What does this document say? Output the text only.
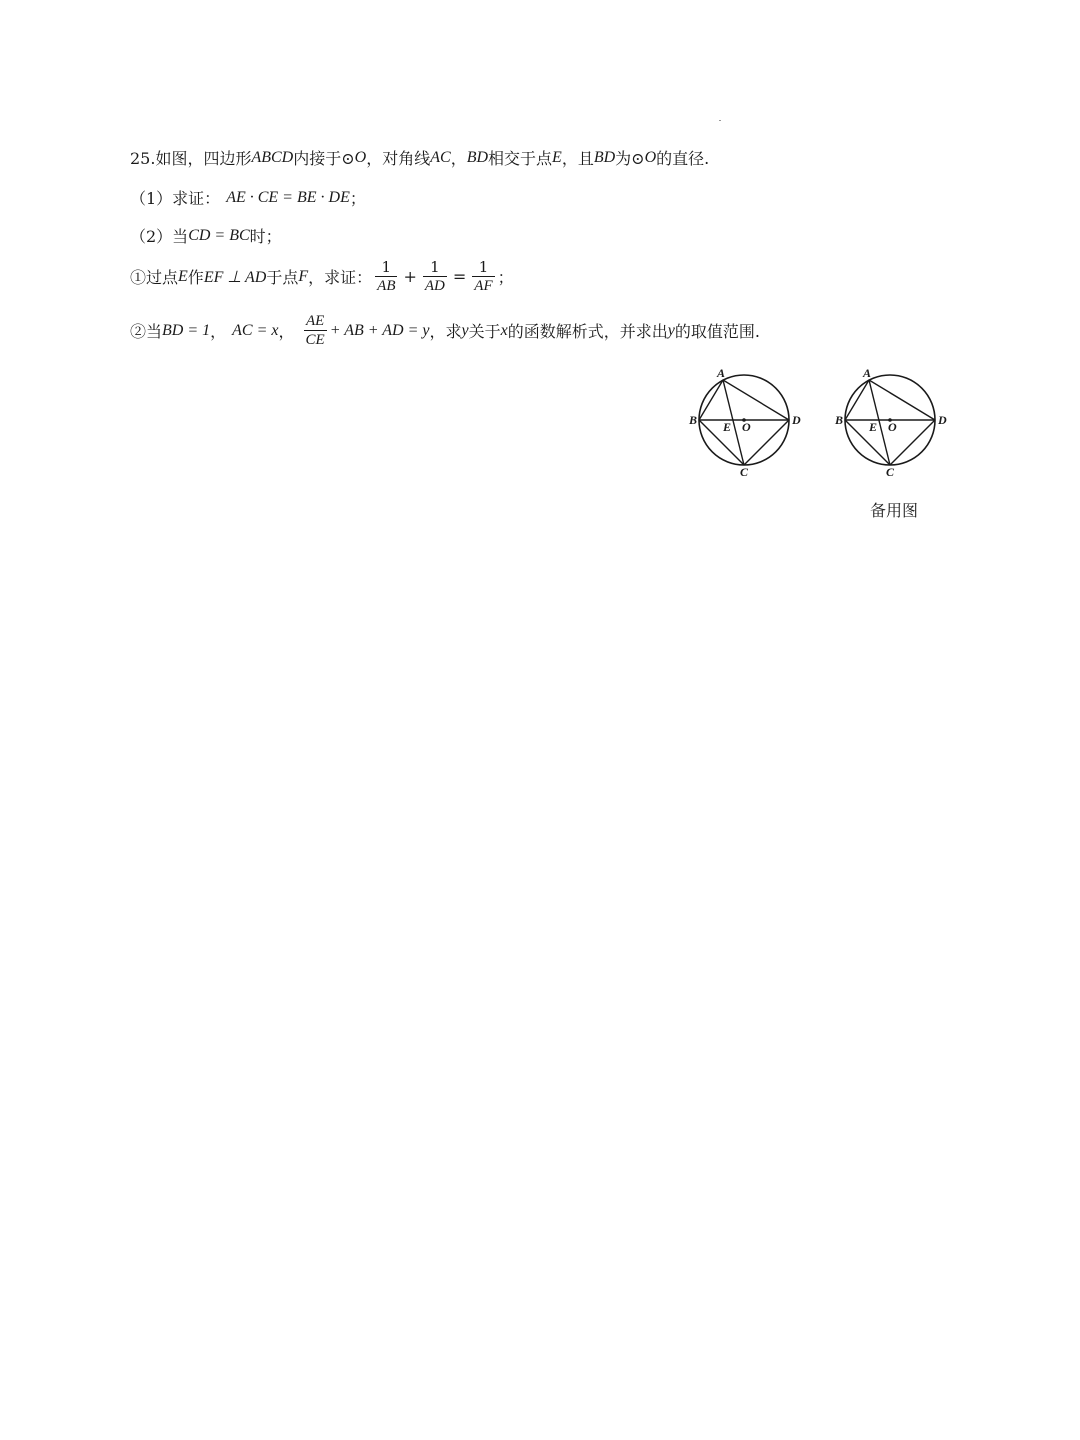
25.如图，四边形 ABCD 内接于⊙ O ，对角线 AC ， BD 相交于点 E ，且 BD 为⊙ O 的直径.
（1）求证： AE · CE = BE · DE ；
（2）当 CD = BC 时；
①过点 E 作 EF ⊥ AD 于点 F ，求证： $\frac{1}{AB} + \frac{1}{AD} = \frac{1}{AF}$ ；
②当 BD = 1 ， AC = x ， $\frac{AE}{CE}$ + AB + AD = y ，求 y 关于 x 的函数解析式，并求出 y 的取值范围.
A
B
C
D
E O
A
B
C
D
E O
备用图
